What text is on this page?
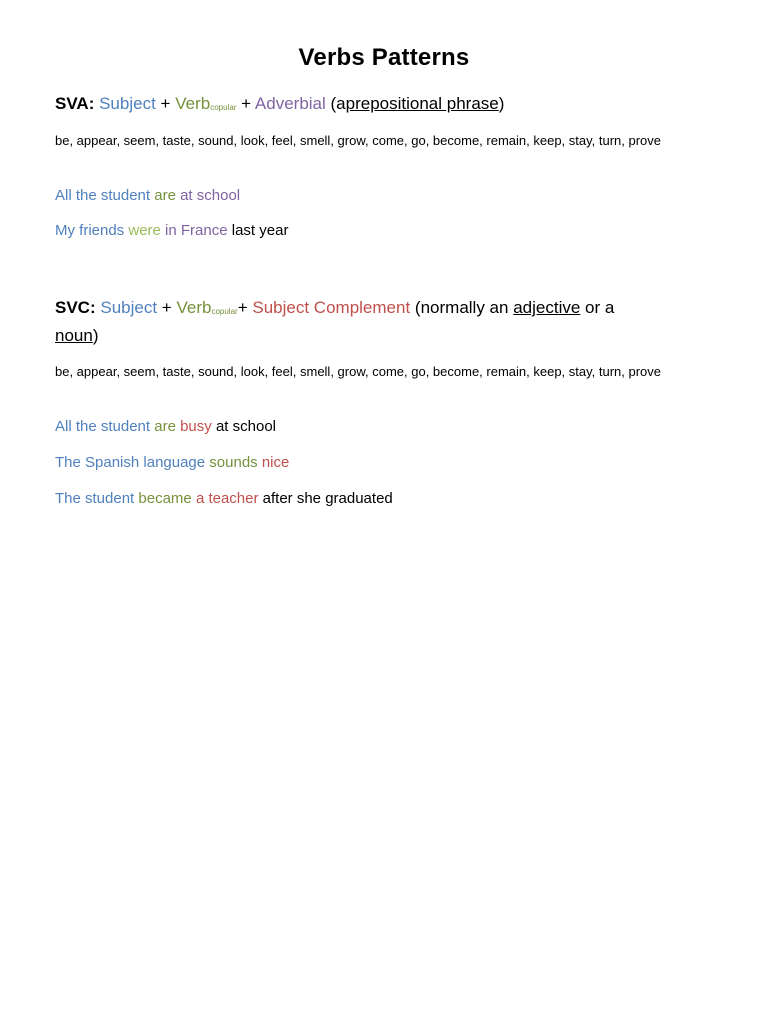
Verbs Patterns
SVA: Subject + Verbcopular + Adverbial (aprepositional phrase)
be, appear, seem, taste, sound, look, feel, smell, grow, come, go, become, remain, keep, stay, turn, prove
All the student are at school
My friends were in France last year
SVC: Subject + Verbcopular+ Subject Complement (normally an adjective or a
noun)
be, appear, seem, taste, sound, look, feel, smell, grow, come, go, become, remain, keep, stay, turn, prove
All the student are busy at school
The Spanish language sounds nice
The student became a teacher after she graduated
